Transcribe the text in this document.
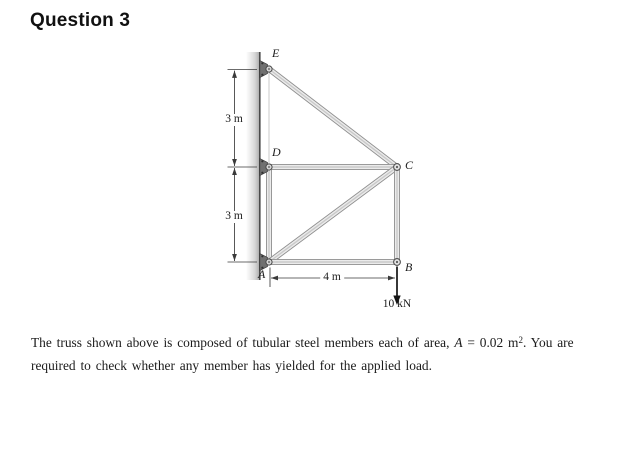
Question 3
E
D
A
C
B
3 m
3 m
4 m
10 kN
The truss shown above is composed of tubular steel members each of area, A = 0.02 $m^2$. You are
required to check whether any member has yielded for the applied load.
